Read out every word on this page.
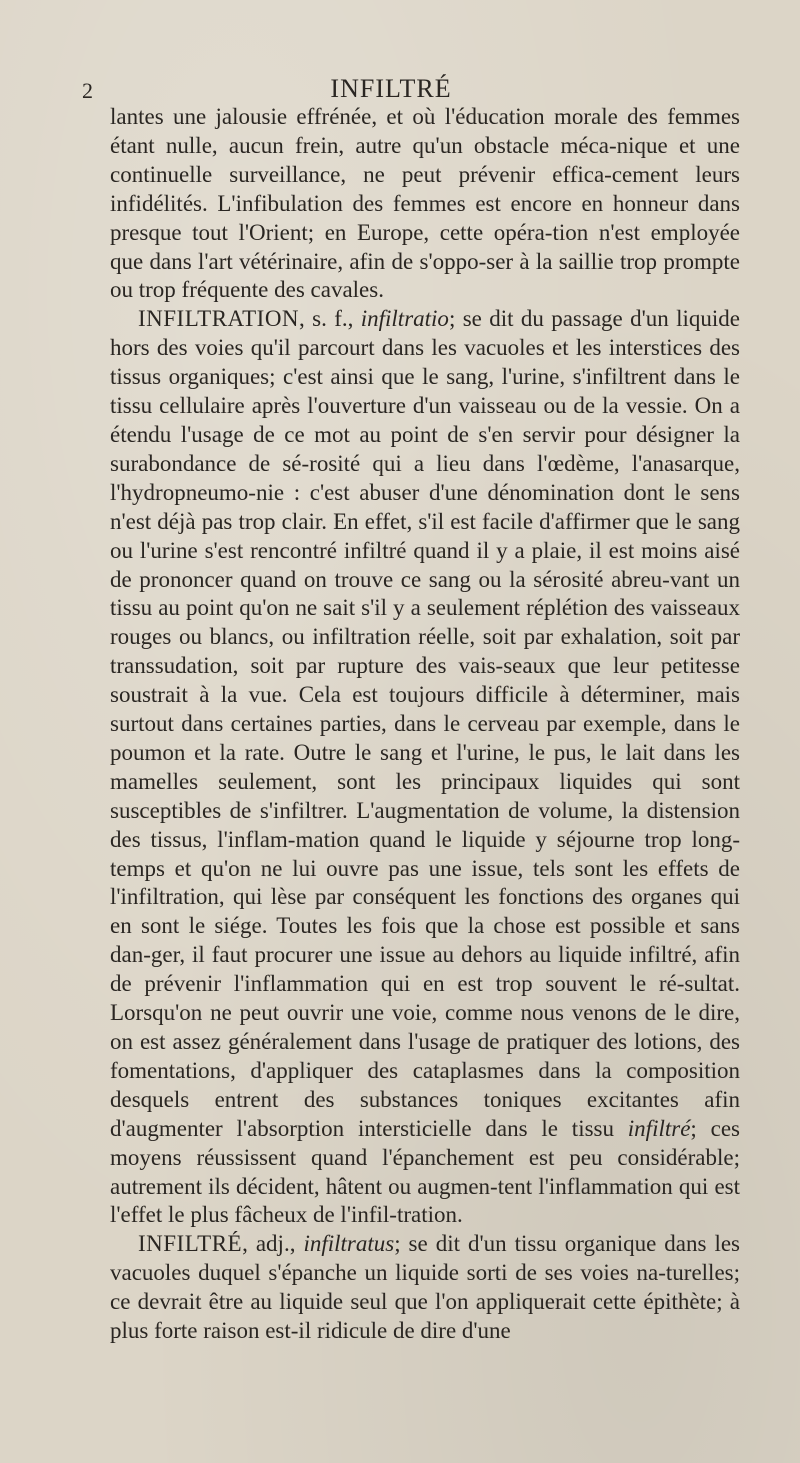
2	INFILTRÉ

lantes une jalousie effrénée, et où l'éducation morale des femmes étant nulle, aucun frein, autre qu'un obstacle méca-nique et une continuelle surveillance, ne peut prévenir effica-cement leurs infidélités. L'infibulation des femmes est encore en honneur dans presque tout l'Orient; en Europe, cette opéra-tion n'est employée que dans l'art vétérinaire, afin de s'oppo-ser à la saillie trop prompte ou trop fréquente des cavales.

INFILTRATION, s. f., infiltratio; se dit du passage d'un liquide hors des voies qu'il parcourt dans les vacuoles et les interstices des tissus organiques; c'est ainsi que le sang, l'urine, s'infiltrent dans le tissu cellulaire après l'ouverture d'un vaisseau ou de la vessie. On a étendu l'usage de ce mot au point de s'en servir pour désigner la surabondance de sé-rosité qui a lieu dans l'œdème, l'anasarque, l'hydropneumo-nie : c'est abuser d'une dénomination dont le sens n'est déjà pas trop clair. En effet, s'il est facile d'affirmer que le sang ou l'urine s'est rencontré infiltré quand il y a plaie, il est moins aisé de prononcer quand on trouve ce sang ou la sérosité abreu-vant un tissu au point qu'on ne sait s'il y a seulement réplétion des vaisseaux rouges ou blancs, ou infiltration réelle, soit par exhalation, soit par transsudation, soit par rupture des vais-seaux que leur petitesse soustrait à la vue. Cela est toujours difficile à déterminer, mais surtout dans certaines parties, dans le cerveau par exemple, dans le poumon et la rate. Outre le sang et l'urine, le pus, le lait dans les mamelles seulement, sont les principaux liquides qui sont susceptibles de s'infiltrer. L'augmentation de volume, la distension des tissus, l'inflam-mation quand le liquide y séjourne trop long-temps et qu'on ne lui ouvre pas une issue, tels sont les effets de l'infiltration, qui lèse par conséquent les fonctions des organes qui en sont le siége. Toutes les fois que la chose est possible et sans dan-ger, il faut procurer une issue au dehors au liquide infiltré, afin de prévenir l'inflammation qui en est trop souvent le ré-sultat. Lorsqu'on ne peut ouvrir une voie, comme nous venons de le dire, on est assez généralement dans l'usage de pratiquer des lotions, des fomentations, d'appliquer des cataplasmes dans la composition desquels entrent des substances toniques excitantes afin d'augmenter l'absorption intersticielle dans le tissu infiltré; ces moyens réussissent quand l'épanchement est peu considérable; autrement ils décident, hâtent ou augmen-tent l'inflammation qui est l'effet le plus fâcheux de l'infil-tration.

INFILTRÉ, adj., infiltratus; se dit d'un tissu organique dans les vacuoles duquel s'épanche un liquide sorti de ses voies na-turelles; ce devrait être au liquide seul que l'on appliquerait cette épithète; à plus forte raison est-il ridicule de dire d'une
